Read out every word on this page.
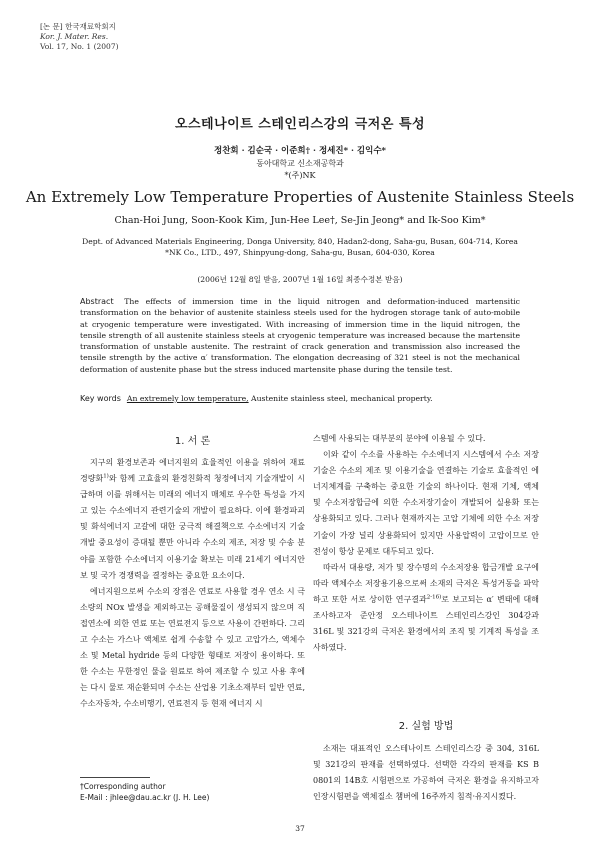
[논 문] 한국재료학회지
Kor. J. Mater. Res.
Vol. 17, No. 1 (2007)
오스테나이트 스테인리스강의 극저온 특성
정찬회 · 김순국 · 이준희† · 정세진* · 김익수*
동아대학교 신소재공학과
*(주)NK
An Extremely Low Temperature Properties of Austenite Stainless Steels
Chan-Hoi Jung, Soon-Kook Kim, Jun-Hee Lee†, Se-Jin Jeong* and Ik-Soo Kim*
Dept. of Advanced Materials Engineering, Donga University, 840, Hadan2-dong, Saha-gu, Busan, 604-714, Korea
*NK Co., LTD., 497, Shinpyung-dong, Saha-gu, Busan, 604-030, Korea
(2006년 12월 8일 받음, 2007년 1월 16일 최종수정본 받음)
Abstract The effects of immersion time in the liquid nitrogen and deformation-induced martensitic transformation on the behavior of austenite stainless steels used for the hydrogen storage tank of auto-mobile at cryogenic temperature were investigated. With increasing of immersion time in the liquid nitrogen, the tensile strength of all austenite stainless steels at cryogenic temperature was increased because the martensite transformation of unstable austenite. The restraint of crack generation and transmission also increased the tensile strength by the active α′ transformation. The elongation decreasing of 321 steel is not the mechanical deformation of austenite phase but the stress induced martensite phase during the tensile test.
Key words An extremely low temperature, Austenite stainless steel, mechanical property.
1. 서 론

지구의 환경보존과 에너지원의 효율적인 이용을 위하여 재료 경량화$^{1)}$와 함께 고효율의 환경친화적 청정에너지 기술개발이 시급하며 이를 위해서는 미래의 에너지 매체로 우수한 특성을 가지고 있는 수소에너지 관련기술의 개발이 필요하다. 이에 환경파괴 및 화석에너지 고갈에 대한 궁극적 해결책으로 수소에너지 기술개발 중요성이 증대될 뿐만 아니라 수소의 제조, 저장 및 수송 분야를 포함한 수소에너지 이용기술 확보는 미래 21세기 에너지안보 및 국가 경쟁력을 결정하는 중요한 요소이다.

에너지원으로써 수소의 장점은 연료로 사용할 경우 연소 시 극소량의 NOx 발생을 제외하고는 공해물질이 생성되지 않으며 직접연소에 의한 연료 또는 연료전지 등으로 사용이 간편하다. 그리고 수소는 가스나 액체로 쉽게 수송할 수 있고 고압가스, 액체수소 및 Metal hydride 등의 다양한 형태로 저장이 용이하다. 또한 수소는 무한정인 물을 원료로 하여 제조할 수 있고 사용 후에는 다시 물로 재순환되며 수소는 산업용 기초소재부터 일반 연료, 수소자동차, 수소비행기, 연료전지 등 현재 에너지 시

스템에 사용되는 대부분의 분야에 이용될 수 있다.

이와 같이 수소를 사용하는 수소에너지 시스템에서 수소 저장기술은 수소의 제조 및 이용기술을 연결하는 기술로 효율적인 에너지체계를 구축하는 중요한 기술의 하나이다. 현재 기체, 액체 및 수소저장합금에 의한 수소저장기술이 개발되어 실용화 또는 상용화되고 있다. 그러나 현재까지는 고압 기체에 의한 수소 저장기술이 가장 널리 상용화되어 있지만 사용압력이 고압이므로 안전성이 항상 문제로 대두되고 있다.

따라서 대용량, 저가 및 장수명의 수소저장용 합금개발 요구에 따라 액체수소 저장용기용으로써 소재의 극저온 특성거동을 파악하고 또한 서로 상이한 연구결과$^{2-16)}$로 보고되는 α′ 변태에 대해 조사하고자 준안정 오스테나이트 스테인리스강인 304강과 316L 및 321강의 극저온 환경에서의 조직 및 기계적 특성을 조사하였다.

2. 실험 방법

소재는 대표적인 오스테나이트 스테인리스강 중 304, 316L 및 321강의 판재를 선택하였다. 선택한 각각의 판재를 KS B 0801의 14B호 시험편으로 가공하여 극저온 환경을 유지하고자 인장시험편을 액체질소 챔버에 16주까지 침적·유지시켰다.

†Corresponding author
E-Mail : jhlee@dau.ac.kr (J. H. Lee)
37
